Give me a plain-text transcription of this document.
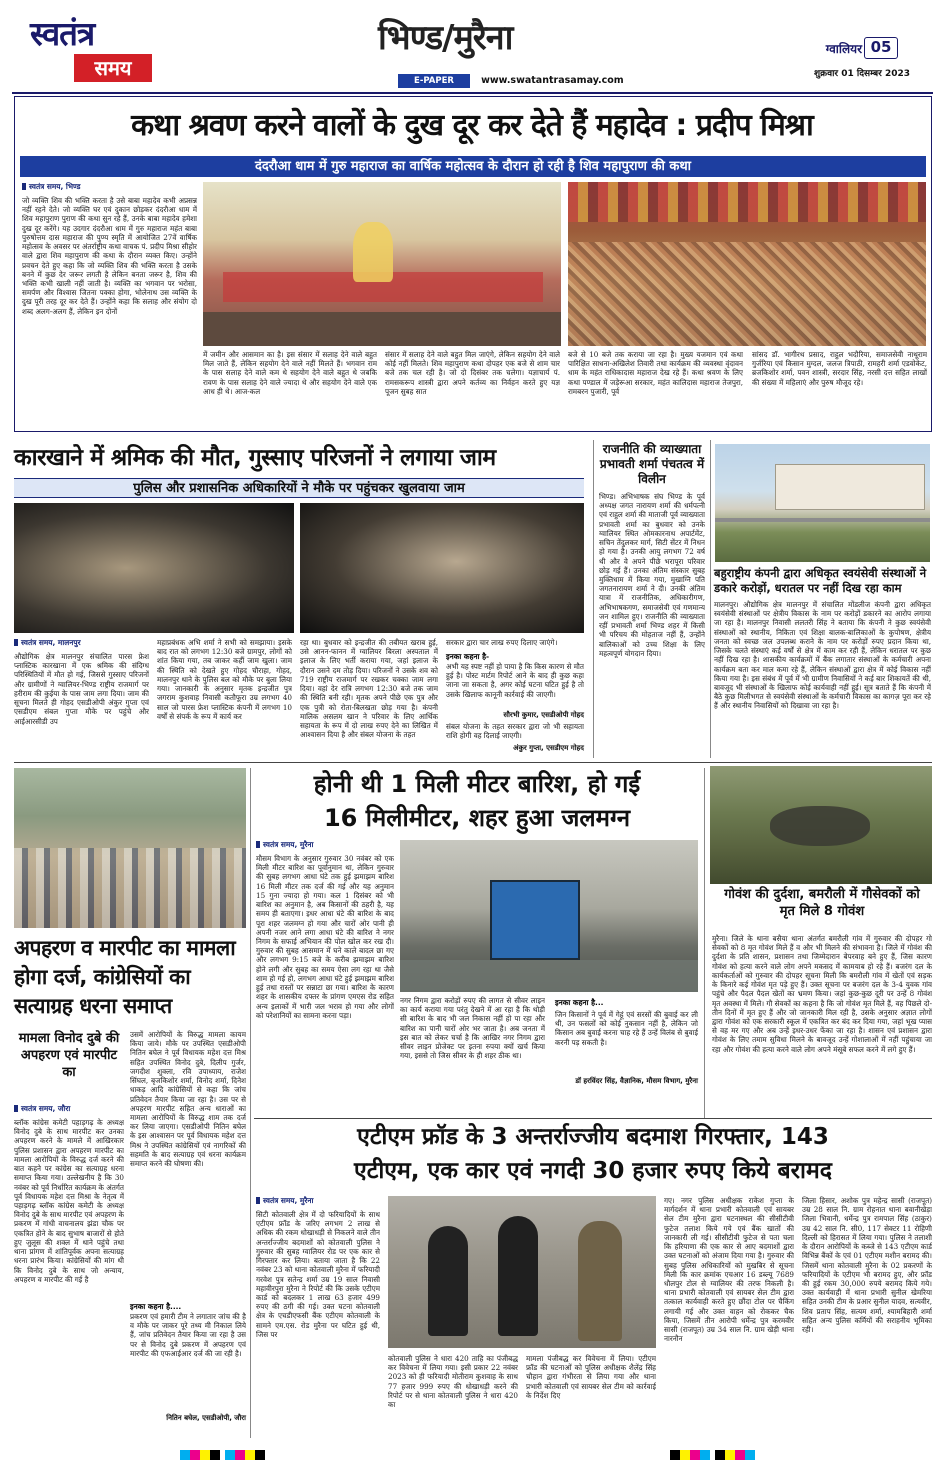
स्वतंत्र
समय
भिण्ड/मुरैना
E-PAPER	www.swatantrasamay.com
ग्वालियर 05
शुक्रवार 01 दिसम्बर 2023
कथा श्रवण करने वालों के दुख दूर कर देते हैं महादेव : प्रदीप मिश्रा
दंदरौआ धाम में गुरु महाराज का वार्षिक महोत्सव के दौरान हो रही है शिव महापुराण की कथा
स्वतंत्र समय, भिण्ड
जो व्यक्ति शिव की भक्ति करता है उसे बाबा महादेव कभी अप्रसन्न नहीं रहने देते। जो व्यक्ति घर एवं दुकान छोड़कर दंदरौआ धाम में शिव महापुराण पुराण की कथा सुन रहे हैं, उनके बाबा महादेव हमेशा दुख दूर करेंगे। यह उदगार दंदरौआ धाम में गुरु महाराज महंत बाबा पुरुषोत्तम दास महाराज की पुण्य स्मृति में आयोजित 27वें वार्षिक महोत्सव के अवसर पर अंतर्राष्ट्रीय कथा वाचक पं. प्रदीप मिश्रा सीहोर वाले द्वारा शिव महापुराण की कथा के दौरान व्यक्त किए। उन्होंने प्रवचन देते हुए कहा कि जो व्यक्ति शिव की भक्ति करता है उसके बनने में कुछ देर जरूर लगती है लेकिन बनता जरूर है, शिव की भक्ति कभी खाली नहीं जाती है। व्यक्ति का भगवान पर भरोसा, समर्पण और विश्वास जितना पक्का होगा, भोलेनाथ उस व्यक्ति के दुख पूरी तरह दूर कर देते हैं। उन्होंने कहा कि सलाह और संयोग दो शब्द अलग-अलग हैं, लेकिन इन दोनों
में जमीन और आसमान का है। इस संसार में सलाह देने वाले बहुत मिल जाते हैं, लेकिन सहयोग देने वाले नहीं मिलते हैं। भगवान राम के पास सलाह देने वाले कम थे सहयोग देने वाले बहुत थे जबकि रावण के पास सलाह देने वाले ज्यादा थे और सहयोग देने वाले एक आध ही थे। आज-कल
संसार में सलाह देने वाले बहुत मिल जाएंगे, लेकिन सहयोग देने वाले कोई नहीं मिलते। शिव महापुराण कथा दोपहर एक बजे से शाम चार बजे तक चल रही है। जो दो दिसंबर तक चलेगा। यज्ञाचार्य पं. रामसकरूप शास्त्री द्वारा अपने कर्तव्य का निर्वहन करते हुए यज्ञ पूजन सुबह सात
बजे से 10 बजे तक कराया जा रहा है। मुख्य यजमान एवं कथा पारिक्षित साधना-अखिलेश तिवारी तथा कार्यक्रम की व्यवस्था वृंदावन धाम के महंत राधिकादास महाराज देख रहे हैं। कथा श्रवण के लिए कथा पण्डाल में जड़ेरूआ सरकार, महंत कालिदास महाराज तेजपुरा, रामबरन पुजारी, पूर्व
सांसद डॉ. भागीरथ प्रसाद, राहुल भदौरिया, समाजसेवी नाथूराम गुर्जरिया एवं किसान मुग्दल, जलज त्रिपाठी, रामहरी शर्मा एडवोकेट, ब्रजकिशोर शर्मा, पवन शास्त्री, सरदार सिंह, नरसी दत्त सहित लाखों की संख्या में महिलाएं और पुरुष मौजूद रहे।
कारखाने में श्रमिक की मौत, गुस्साए परिजनों ने लगाया जाम
पुलिस और प्रशासनिक अधिकारियों ने मौके पर पहुंचकर खुलवाया जाम
स्वतंत्र समय, मालनपुर
औद्योगिक क्षेत्र मालनपुर संचालित पारस फ्रेश प्लास्टिक कारखाना में एक श्रमिक की संदिग्ध परिस्थितियों में मौत हो गई, जिससे गुस्साए परिजनों और ग्रामीणों ने ग्वालियर-भिण्ड राष्ट्रीय राजमार्ग पर हरीराम की कुईया के पास जाम लगा दिया। जाम की सूचना मिलते ही गोहद एसडीओपी अंकुर गुप्ता एवं एसडीएम संबल गुप्ता मौके पर पहुंचे और आईआरसीडी उप
महाप्रबंधक अभि शर्मा ने सभी को समझाया। इसके बाद रात को लगभग 12:30 बजे ग्रामपुर, लोगों को शांत किया गया, तब जाकर कहीं जाम खुला। जाम की स्थिति को देखते हुए गोहद चौराहा, गोहद, मालनपुर थाने के पुलिस बल को मौके पर बुला लिया गया। जानकारी के अनुसार मृतक इन्द्रजीत पुत्र जगराम कुशवाह निवासी कतौफूरा उम्र लगभग 40 साल जो पारस फ्रेश प्लास्टिक कंपनी में लगभग 10 वर्षों से संपर्क के रूप में कार्य कर
रहा था। बुधवार को इन्द्रजीत की तबीयत खराब हुई, उसे आनन-फानन में ग्वालियर बिरला अस्पताल में इलाज के लिए भर्ती कराया गया, जहां इलाज के दौरान उसने दम तोड़ दिया। परिजनों ने उसके शव को 719 राष्ट्रीय राजमार्ग पर रखकर चक्का जाम लगा दिया। वहां देर रात्रि लगभग 12:30 बजे तक जाम की स्थिति बनी रही। मृतक अपने पीछे एक पुत्र और एक पुत्री को रोता-बिलखता छोड़ गया है। कंपनी मालिक असलम खान ने परिवार के लिए आर्थिक सहायता के रूप में दो लाख रुपए देने का लिखित में आश्वासन दिया है और संबल योजना के तहत
सरकार द्वारा चार लाख रुपए दिलाए जाएंगे।
इनका कहना है-
अभी यह स्पष्ट नहीं हो पाया है कि किस कारण से मौत हुई है। पोस्ट मार्टम रिपोर्ट आने के बाद ही कुछ कहा जाना जा सकता है, अगर कोई घटना घटित हुई है तो उसके खिलाफ कानूनी कार्रवाई की जाएगी।
सौरभी कुमार, एसडीओपी गोहद
संबल योजना के तहत सरकार द्वारा जो भी सहायता राशि होगी वह दिलाई जाएगी।
अंकुर गुप्ता, एसडीएम गोहद
राजनीति की व्याख्याता प्रभावती शर्मा पंचतत्व में विलीन
भिण्ड। अभिभाषक संघ भिण्ड के पूर्व अध्यक्ष जगत नारायण शर्मा की धर्मपत्नी एवं राहुल शर्मा की माताजी पूर्व व्याख्याता प्रभावती शर्मा का बुधवार को उनके ग्वालियर स्थित ओमकारनाथ अपार्टमेंट, सचिन तेंदुलकर मार्ग, सिटी सेंटर में निधन हो गया है। उनकी आयु लगभग 72 वर्ष थी और वे अपने पीछे भरापूरा परिवार छोड़ गई हैं। उनका अंतिम संस्कार सुबह मुक्तिधाम में किया गया, मुखाग्नि पति जगतनारायण शर्मा ने दी। उनकी अंतिम यात्रा में राजनीतिक, अधिकारीगण, अभिभाषकगण, समाजसेवी एवं गणमान्य जन शामिल हुए। राजनीति की व्याख्याता रहीं प्रभावती शर्मा भिण्ड शहर में किसी भी परिचय की मोहताज नहीं हैं, उन्होंने बालिकाओं को उच्च शिक्षा के लिए महत्वपूर्ण योगदान दिया।
बहुराष्ट्रीय कंपनी द्वारा अधिकृत स्वयंसेवी संस्थाओं ने डकारे करोड़ों, धरातल पर नहीं दिख रहा काम
मालनपुर। औद्योगिक क्षेत्र मालनपुर में संचालित मोंडलीज कंपनी द्वारा अधिकृत स्वयंसेवी संस्थाओं पर क्षेत्रीय विकास के नाम पर करोड़ों डकारने का आरोप लगाया जा रहा है। मालनपुर निवासी ललतरी सिंह ने बताया कि कंपनी ने कुछ स्वयंसेवी संस्थाओं को स्थानीय, निकिता एवं शिक्षा बालक-बालिकाओं के कुपोषण, क्षेत्रीय जनता को स्वच्छ जल उपलब्ध कराने के नाम पर करोड़ों रुपए प्रदान किया था, जिसके चलते संस्थाएं कई वर्षों से क्षेत्र में काम कर रही हैं, लेकिन धरातल पर कुछ नहीं दिख रहा है। शासकीय कार्यक्रमों में बैंक लगातार संस्थाओं के कर्मचारी अपना कार्यक्रम बता कर माल कमा रहे हैं, लेकिन संस्थाओं द्वारा क्षेत्र में कोई विकास नहीं किया गया है। इस संबंध में पूर्व में भी ग्रामीण निवासियों ने कई बार शिकायतें की थी, बावजूद भी संस्थाओं के खिलाफ कोई कार्यवाही नहीं हुई। सूत्र बताते हैं कि कंपनी में बैठे कुछ मिलीभगत से स्वयंसेवी संस्थाओं के कर्मचारी विकास का कागज़ पूरा कर रहे हैं और स्थानीय निवासियों को दिखावा जा रहा है।
अपहरण व मारपीट का मामला होगा दर्ज, कांग्रेसियों का सत्याग्रह धरना समाप्त
मामला विनोद दुबे की अपहरण एवं मारपीट का
उसमें आरोपियों के विरुद्ध मामला कायम किया जाये। मौके पर उपस्थित एसडीओपी नितिन बघेल ने पूर्व विधायक महेश दत्त मिश्र सहित उपस्थित विनोद दुबे, दिलीप गुर्जर, जगदीश शुक्ला, रवि उपाध्याय, राजेश सिंघल, बृजकिशोर शर्मा, विनोद शर्मा, दिनेश धाकड़ आदि कांग्रेसियों से कहा कि जांच प्रतिवेदन तैयार किया जा रहा है। उस पर से अपहरण मारपीट सहित अन्य धाराओं का मामला आरोपियों के विरुद्ध शाम तक दर्ज कर लिया जाएगा। एसडीओपी नितिन बघेल के इस आश्वासन पर पूर्व विधायक महेश दत्त मिश्र ने उपस्थित कांग्रेसियों एवं नागरिकों की सहमति के बाद सत्याग्रह एवं धरना कार्यक्रम समाप्त करने की घोषणा की।
स्वतंत्र समय, जौरा
ब्लॉक कांग्रेस कमेटी पहाड़गढ़ के अध्यक्ष विनोद दुबे के साथ मारपीट कर उनका अपहरण करने के मामले में आखिरकार पुलिस प्रशासन द्वारा अपहरण मारपीट का मामला आरोपियों के विरुद्ध दर्ज करने की बात कहने पर कांग्रेस का सत्याग्रह धरना समाप्त किया गया। उल्लेखनीय है कि 30 नवंबर को पूर्व निर्धारित कार्यक्रम के अंतर्गत पूर्व विधायक महेश दत्त मिश्रा के नेतृत्व में पहाड़गढ़ ब्लॉक कांग्रेस कमेटी के अध्यक्ष विनोद दुबे के साथ मारपीट एवं अपहरण के प्रकरण में गांधी वाचनालय झंडा चौक पर एकत्रित होने के बाद सुभाष बाजारों से होते हुए जुलूस की शक्ल में थाने पहुंचे तथा थाना प्रांगण में शांतिपूर्वक अपना सत्याग्रह धरना प्रारंभ किया। कांग्रेसियों की मांग थी कि विनोद दुबे के साथ जो अन्याय, अपहरण व मारपीट की गई है
इनका कहना है....
प्रकरण एवं हमारी टीम ने लगातार जांच की है व मौके पर जाकर पूरे तथ्य मी निकाल लिये हैं, जांच प्रतिवेदन तैयार किया जा रहा है उस पर से विनोद दुबे प्रकरण में अपहरण एवं मारपीट की एफआईआर दर्ज की जा रही है।
नितिन बघेल, एसडीओपी, जौरा
होनी थी 1 मिली मीटर बारिश, हो गई
16 मिलीमीटर, शहर हुआ जलमग्न
स्वतंत्र समय, मुरैना
मौसम विभाग के अनुसार गुरुवार 30 नवंबर को एक मिली मीटर बारिश का पूर्वानुमान था, लेकिन गुरुवार की सुबह लगभग आधा घंटे तक हुई झमाझम बारिश 16 मिली मीटर तक दर्ज की गई और यह अनुमान 15 गुना ज्यादा हो गया। कल 1 दिसंबर को भी बारिश का अनुमान है, अब किसानों की ठहरी है, यह समय ही बताएगा। इधर आधा घंटे की बारिश के बाद पूरा शहर जलमग्न हो गया और चारों ओर पानी ही अपनी नजर आने लगा आधा घंटे की बारिश ने नगर निगम के सफाई अभियान की पोल खोल कर रख दी। गुरुवार की सुबह आसमान में घने काले बादल छा गए और लगभग 9:15 बजे के करीब झमाझम बारिश होने लगी और सुबह का समय ऐसा लग रहा था जैसे शाम हो गई हो, लगभग आधा घंटे हुई झमाझम बारिश हुई तथा रास्तों पर सन्नाटा छा गया। बारिश के कारण शहर के शासकीय दफ्तर के प्रांगण एमएस रोड सहित अन्य इलाकों में भारी जल भराव हो गया और लोगों को परेशानियों का सामना करना पड़ा।
नगर निगम द्वारा करोड़ों रुपए की लागत से सीवर लाइन का कार्य कराया गया परंतु देखने में आ रहा है कि थोड़ी सी बारिश के बाद भी जल निकास नहीं हो पा रहा और बारिश का पानी चारों ओर भर जाता है। अब जनता में इस बात को लेकर चर्चा है कि आखिर नगर निगम द्वारा सीवर लाइन प्रोजेक्ट पर इतना रुपया क्यों खर्च किया गया, इससे तो जिस सीवर के ही शहर ठीक था।
इनका कहना है...
जिन किसानों ने पूर्व में गेहूं एवं सरसों की बुवाई कर ली थी, उन फसलों को कोई नुकसान नहीं है, लेकिन जो किसान अब बुवाई करना चाह रहे हैं उन्हें विलंब से बुवाई करनी पड़ सकती है।
डॉ हरविंदर सिंह, वैज्ञानिक, मौसम विभाग, मुरैना
गोवंश की दुर्दशा, बमरौली में गौसेवकों को मृत मिले 8 गोवंश
मुरैना। जिले के थाना बसैया थाना अंतर्गत बमरौली गांव में गुरुवार की दोपहर गो सेवकों को 8 मृत गोवंश मिले हैं व और भी मिलने की संभावना है। जिले में गोवंश की दुर्दशा के प्रति शासन, प्रशासन तथा जिम्मेदारान बेपरवाह बने हुए हैं, जिस कारण गोवंश को हत्या करने वाले लोग अपने मकसद में कामयाब हो रहे हैं। बजरंग दल के कार्यकर्ताओं को गुरुवार की दोपहर सूचना मिली कि बमरौली गांव में खेतों एवं सड़क के किनारे कई गोवंश मृत पड़े हुए हैं। उक्त सूचना पर बजरंग दल के 3-4 युवक गांव पहुंचे और पैदल पैदल खेतों का भ्रमण किया। जहां कुछ-कुछ दूरी पर उन्हें 8 गोवंश मृत अवस्था में मिले। गौ सेवकों का कहना है कि जो गोवंश मृत मिले हैं, वह पिछले दो-तीन दिनों में मृत हुए हैं और जो जानकारी मिल रही है, उसके अनुसार अज्ञात लोगों द्वारा गोवंश को एक सरकारी स्कूल में एकत्रित कर बंद कर दिया गया, जहां भूख प्यास से वह मर गए और अब उन्हें इधर-उधर फेंका जा रहा है। शासन एवं प्रशासन द्वारा गोवंश के लिए तमाम सुविधा मिलने के बावजूद उन्हें गोशालाओं में नहीं पहुंचाया जा रहा और गोवंश की हत्या करने वाले लोग अपने मंसूबे सफल करने में लगे हुए हैं।
एटीएम फ्रॉड के 3 अन्तर्राज्जीय बदमाश गिरफ्तार, 143
एटीएम, एक कार एवं नगदी 30 हजार रुपए किये बरामद
स्वतंत्र समय, मुरैना
सिटी कोतवाली क्षेत्र में दो फरियादियों के साथ एटीएम फ्रॉड के जरिए लगभग 2 लाख से अधिक की रकम धोखाधड़ी से निकलने वाले तीन अन्तर्राज्जीय बदमाशों को कोतवाली पुलिस ने गुरुवार की सुबह ग्वालियर रोड पर एक कार से गिरफ्तार कर लिया। बताया जाता है कि 22 नवंबर 23 को थाना कोतवाली मुरैना में फरियादी गरवेश पुत्र सतेन्द्र शर्मा उम्र 19 साल निवासी महावीरपुरा मुरैना ने रिपोर्ट की कि उसके एटीएम कार्ड को बदलकर 1 लाख 63 हजार 499 रुपए की ठगी की गई। उक्त घटना कोतवाली क्षेत्र के एचडीएफसी बैंक एटीएम कोतवाली के सामने एम.एस. रोड मुरैना पर घटित हुई थी, जिस पर
कोतवाली पुलिस ने धारा 420 ताहि का पंजीबद्ध कर विवेचना में लिया गया। इसी प्रकार 22 नवंबर 2023 को ही फरियादी मोतीराम कुशवाह के साथ 77 हजार 999 रुपए की धोखाधड़ी करने की रिपोर्ट पर से थाना कोतवाली पुलिस ने धारा 420 का
मामला पंजीबद्ध कर विवेचना में लिया। एटीएम फ्रॉड की घटनाओं को पुलिस अधीक्षक शैलेंद्र सिंह चौहान द्वारा गंभीरता से लिया गया और थाना प्रभारी कोतवाली एवं सायबर सेल टीम को कार्रवाई के निर्देश दिए
गए। नगर पुलिस अधीक्षक राकेश गुप्ता के मार्गदर्शन में थाना प्रभारी कोतवाली एवं सायबर सेल टीम मुरैना द्वारा घटनास्थल की सीसीटीवी फुटेज तलाश किये गये एवं बैंक खातों की जानकारी ली गई। सीसीटीवी फुटेज से पता चला कि हरियाणा की एक कार से आए बदमाशों द्वारा उक्त घटनाओं को अंजाम दिया गया है। गुरुवार की सुबह पुलिस अधिकारियों को मुखबिर से सूचना मिली कि कार क्रमांक एचआर 16 डब्ल्यू 7689 धौलपुर टोल से ग्वालियर की तरफ निकली है। थाना प्रभारी कोतवाली एवं सायबर सेल टीम द्वारा तत्काल कार्यवाही करते हुए छौंदा टोल पर चैकिंग लगायी गई और उक्त वाहन को रोककर चैक किया, जिसमें तीन आरोपी धर्मेन्द्र पुत्र करमवीर सासी (राजपूत) उम्र 34 साल नि. ग्राम खेड़ी थाना नारनौन
जिला हिसार, अशोक पुत्र महेन्द्र सासी (राजपूत) उम्र 28 साल नि. ग्राम रोहनात थाना बवानीखेड़ा जिला भिवानी, धर्मेन्द्र पुत्र रामपाल सिंह (ठाकुर) उम्र 42 साल नि. सी0, 117 सेक्टर 11 रोहिणी दिल्ली को हिरासत में लिया गया। पुलिस ने तलाशी के दौरान आरोपियों के कब्जे से 143 एटीएम कार्ड विभिन्न बैंकों के एवं 01 एटीएम मशीन बरामद की। जिसमें थाना कोतवाली मुरैना के 02 प्रकरणों के फरियादियों के एटीएम भी बरामद हुए, और फ्रॉड की हुई रकम 30,000 रुपये बरामद किये गये। उक्त कार्यवाही में थाना प्रभारी सुनील खेमरिया सहित उनकी टीम के प्रआर सुनील यादव, सत्यवीर, शिव प्रताप सिंह, सत्यम शर्मा, श्यामबिहारी शर्मा सहित अन्य पुलिस कर्मियों की सराहनीय भूमिका रही।
